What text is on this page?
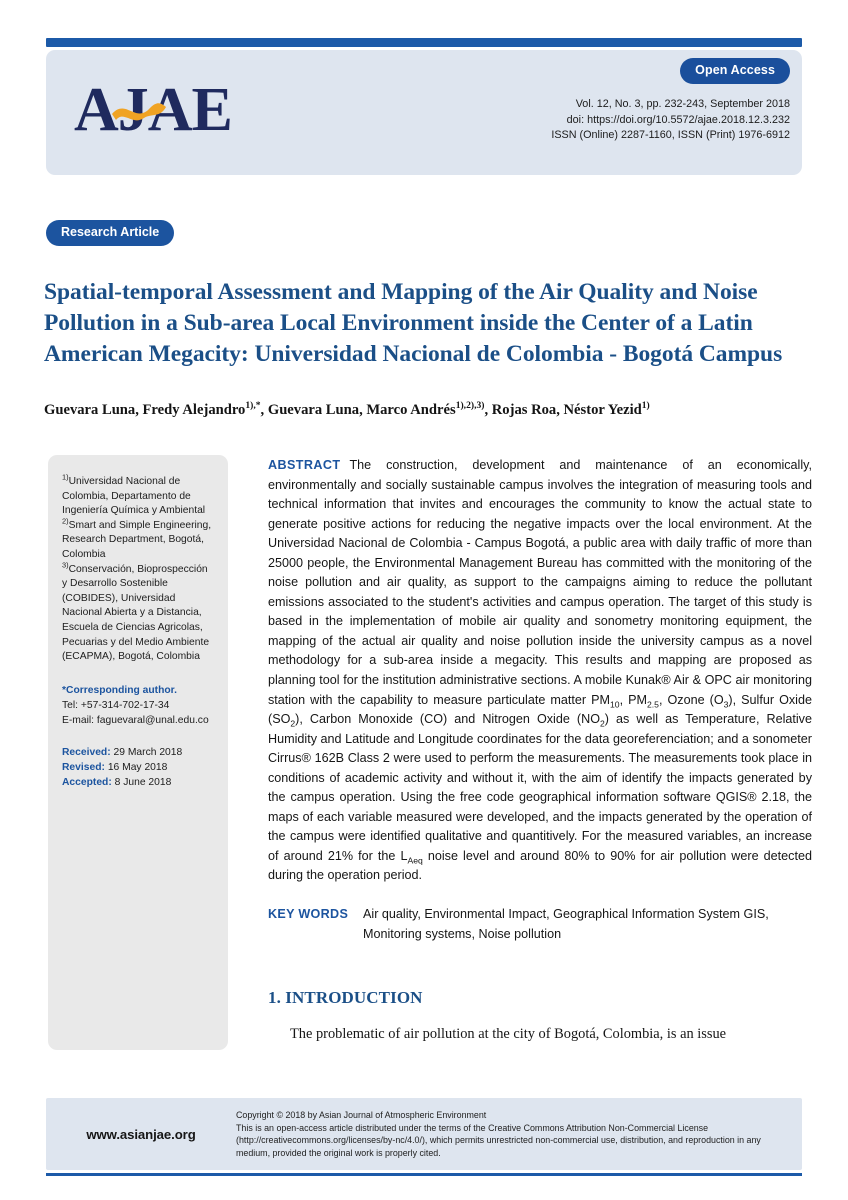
AJAE
Open Access
Vol. 12, No. 3, pp. 232-243, September 2018
doi: https://doi.org/10.5572/ajae.2018.12.3.232
ISSN (Online) 2287-1160, ISSN (Print) 1976-6912
Research Article
Spatial-temporal Assessment and Mapping of the Air Quality and Noise Pollution in a Sub-area Local Environment inside the Center of a Latin American Megacity: Universidad Nacional de Colombia - Bogotá Campus
Guevara Luna, Fredy Alejandro$^{1),*}$, Guevara Luna, Marco Andrés$^{1),2),3)}$, Rojas Roa, Néstor Yezid$^{1)}$
$^{1)}$Universidad Nacional de Colombia, Departamento de Ingeniería Química y Ambiental
$^{2)}$Smart and Simple Engineering, Research Department, Bogotá, Colombia
$^{3)}$Conservación, Bioprospección y Desarrollo Sostenible (COBIDES), Universidad Nacional Abierta y a Distancia, Escuela de Ciencias Agricolas, Pecuarias y del Medio Ambiente (ECAPMA), Bogotá, Colombia
*Corresponding author.
Tel: +57-314-702-17-34
E-mail: faguevaral@unal.edu.co
Received: 29 March 2018
Revised: 16 May 2018
Accepted: 8 June 2018
ABSTRACT The construction, development and maintenance of an economically, environmentally and socially sustainable campus involves the integration of measuring tools and technical information that invites and encourages the community to know the actual state to generate positive actions for reducing the negative impacts over the local environment. At the Universidad Nacional de Colombia - Campus Bogotá, a public area with daily traffic of more than 25000 people, the Environmental Management Bureau has committed with the monitoring of the noise pollution and air quality, as support to the campaigns aiming to reduce the pollutant emissions associated to the student's activities and campus operation. The target of this study is based in the implementation of mobile air quality and sonometry monitoring equipment, the mapping of the actual air quality and noise pollution inside the university campus as a novel methodology for a sub-area inside a megacity. This results and mapping are proposed as planning tool for the institution administrative sections. A mobile Kunak® Air & OPC air monitoring station with the capability to measure particulate matter $PM_{10}$, $PM_{2.5}$, Ozone $(O_3)$, Sulfur Oxide $(SO_2)$, Carbon Monoxide (CO) and Nitrogen Oxide $(NO_2)$ as well as Temperature, Relative Humidity and Latitude and Longitude coordinates for the data georeferenciation; and a sonometer Cirrus® 162B Class 2 were used to perform the measurements. The measurements took place in conditions of academic activity and without it, with the aim of identify the impacts generated by the campus operation. Using the free code geographical information software QGIS® 2.18, the maps of each variable measured were developed, and the impacts generated by the operation of the campus were identified qualitative and quantitively. For the measured variables, an increase of around 21% for the $L_{Aeq}$ noise level and around 80% to 90% for air pollution were detected during the operation period.
KEY WORDS	Air quality, Environmental Impact, Geographical Information System GIS, Monitoring systems, Noise pollution
1. INTRODUCTION

The problematic of air pollution at the city of Bogotá, Colombia, is an issue

www.asianjae.org
Copyright © 2018 by Asian Journal of Atmospheric Environment
This is an open-access article distributed under the terms of the Creative Commons Attribution Non-Commercial License (http://creativecommons.org/licenses/by-nc/4.0/), which permits unrestricted non-commercial use, distribution, and reproduction in any medium, provided the original work is properly cited.
